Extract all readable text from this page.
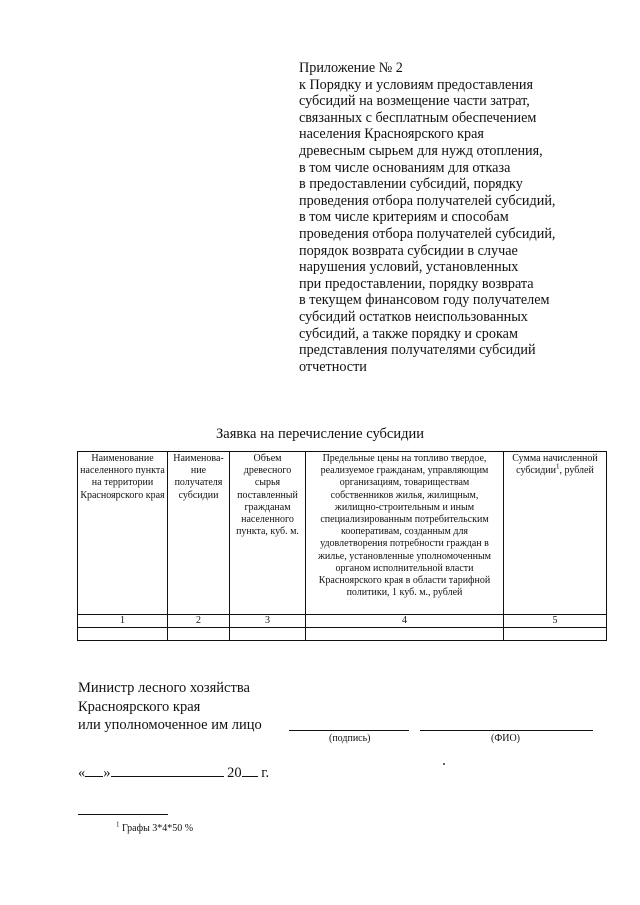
Приложение № 2
к Порядку и условиям предоставления
субсидий на возмещение части затрат,
связанных с бесплатным обеспечением
населения Красноярского края
древесным сырьем для нужд отопления,
в том числе основаниям для отказа
в предоставлении субсидий, порядку
проведения отбора получателей субсидий,
в том числе критериям и способам
проведения отбора получателей субсидий,
порядок возврата субсидии в случае
нарушения условий, установленных
при предоставлении, порядку возврата
в текущем финансовом году получателем
субсидий остатков неиспользованных
субсидий, а также порядку и срокам
представления получателями субсидий
отчетности
Заявка на перечисление субсидии
Наименование населенного пункта на территории Красноярского края	Наименова-ние получателя субсидии	Объем древесного сырья поставленный гражданам населенного пункта, куб. м.	Предельные цены на топливо твердое, реализуемое гражданам, управляющим организациям, товариществам собственников жилья, жилищным, жилищно-строительным и иным специализированным потребительским кооперативам, созданным для удовлетворения потребности граждан в жилье, установленные уполномоченным органом исполнительной власти Красноярского края в области тарифной политики, 1 куб. м., рублей	Сумма начисленной субсидии$^1$, рублей
1	2	3	4	5

Министр лесного хозяйства
Красноярского края
или уполномоченное им лицо
(подпись)	(ФИО)
« »	20 г.
$^1$ Графы 3*4*50 %
